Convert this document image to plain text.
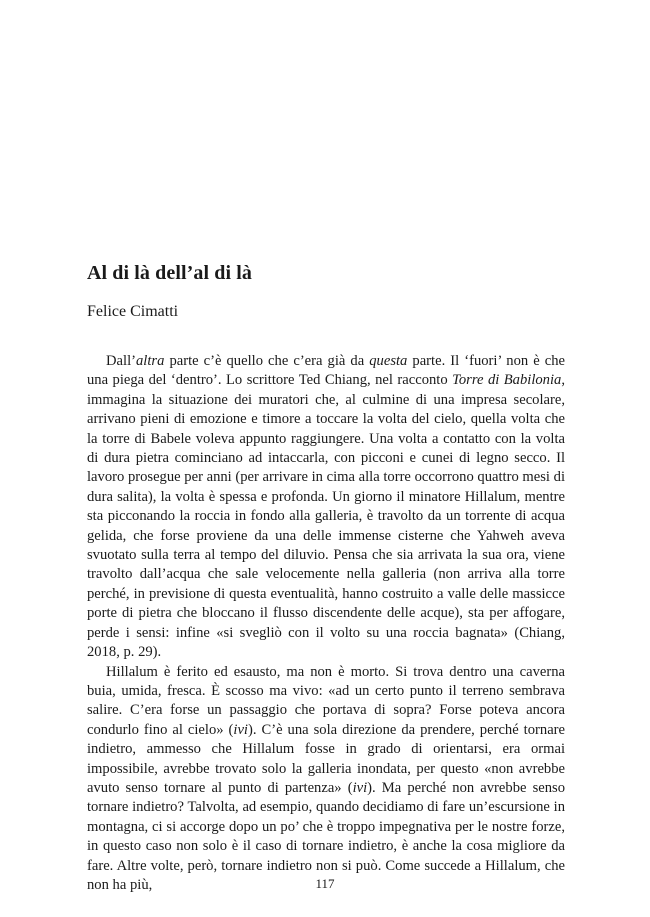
Al di là dell’al di là
Felice Cimatti

Dall’altra parte c’è quello che c’era già da questa parte. Il ‘fuori’ non è che una piega del ‘dentro’. Lo scrittore Ted Chiang, nel racconto Torre di Babilonia, immagina la situazione dei muratori che, al culmine di una impresa secolare, arrivano pieni di emozione e timore a toccare la volta del cielo, quella volta che la torre di Babele voleva appunto raggiungere. Una volta a contatto con la volta di dura pietra cominciano ad intaccarla, con picconi e cunei di legno secco. Il lavoro prosegue per anni (per arrivare in cima alla torre occorrono quattro mesi di dura salita), la volta è spessa e profonda. Un giorno il minatore Hillalum, mentre sta picconando la roccia in fondo alla galleria, è travolto da un torrente di acqua gelida, che forse proviene da una delle immense cisterne che Yahweh aveva svuotato sulla terra al tempo del diluvio. Pensa che sia arrivata la sua ora, viene travolto dall’acqua che sale velocemente nella galleria (non arriva alla torre perché, in previsione di questa eventualità, hanno costruito a valle delle massicce porte di pietra che bloccano il flusso discendente delle acque), sta per affogare, perde i sensi: infine «si svegliò con il volto su una roccia bagnata» (Chiang, 2018, p. 29).

Hillalum è ferito ed esausto, ma non è morto. Si trova dentro una caverna buia, umida, fresca. È scosso ma vivo: «ad un certo punto il terreno sembrava salire. C’era forse un passaggio che portava di sopra? Forse poteva ancora condurlo fino al cielo» (ivi). C’è una sola direzione da prendere, perché tornare indietro, ammesso che Hillalum fosse in grado di orientarsi, era ormai impossibile, avrebbe trovato solo la galleria inondata, per questo «non avrebbe avuto senso tornare al punto di partenza» (ivi). Ma perché non avrebbe senso tornare indietro? Talvolta, ad esempio, quando decidiamo di fare un’escursione in montagna, ci si accorge dopo un po’ che è troppo impegnativa per le nostre forze, in questo caso non solo è il caso di tornare indietro, è anche la cosa migliore da fare. Altre volte, però, tornare indietro non si può. Come succede a Hillalum, che non ha più,	117
